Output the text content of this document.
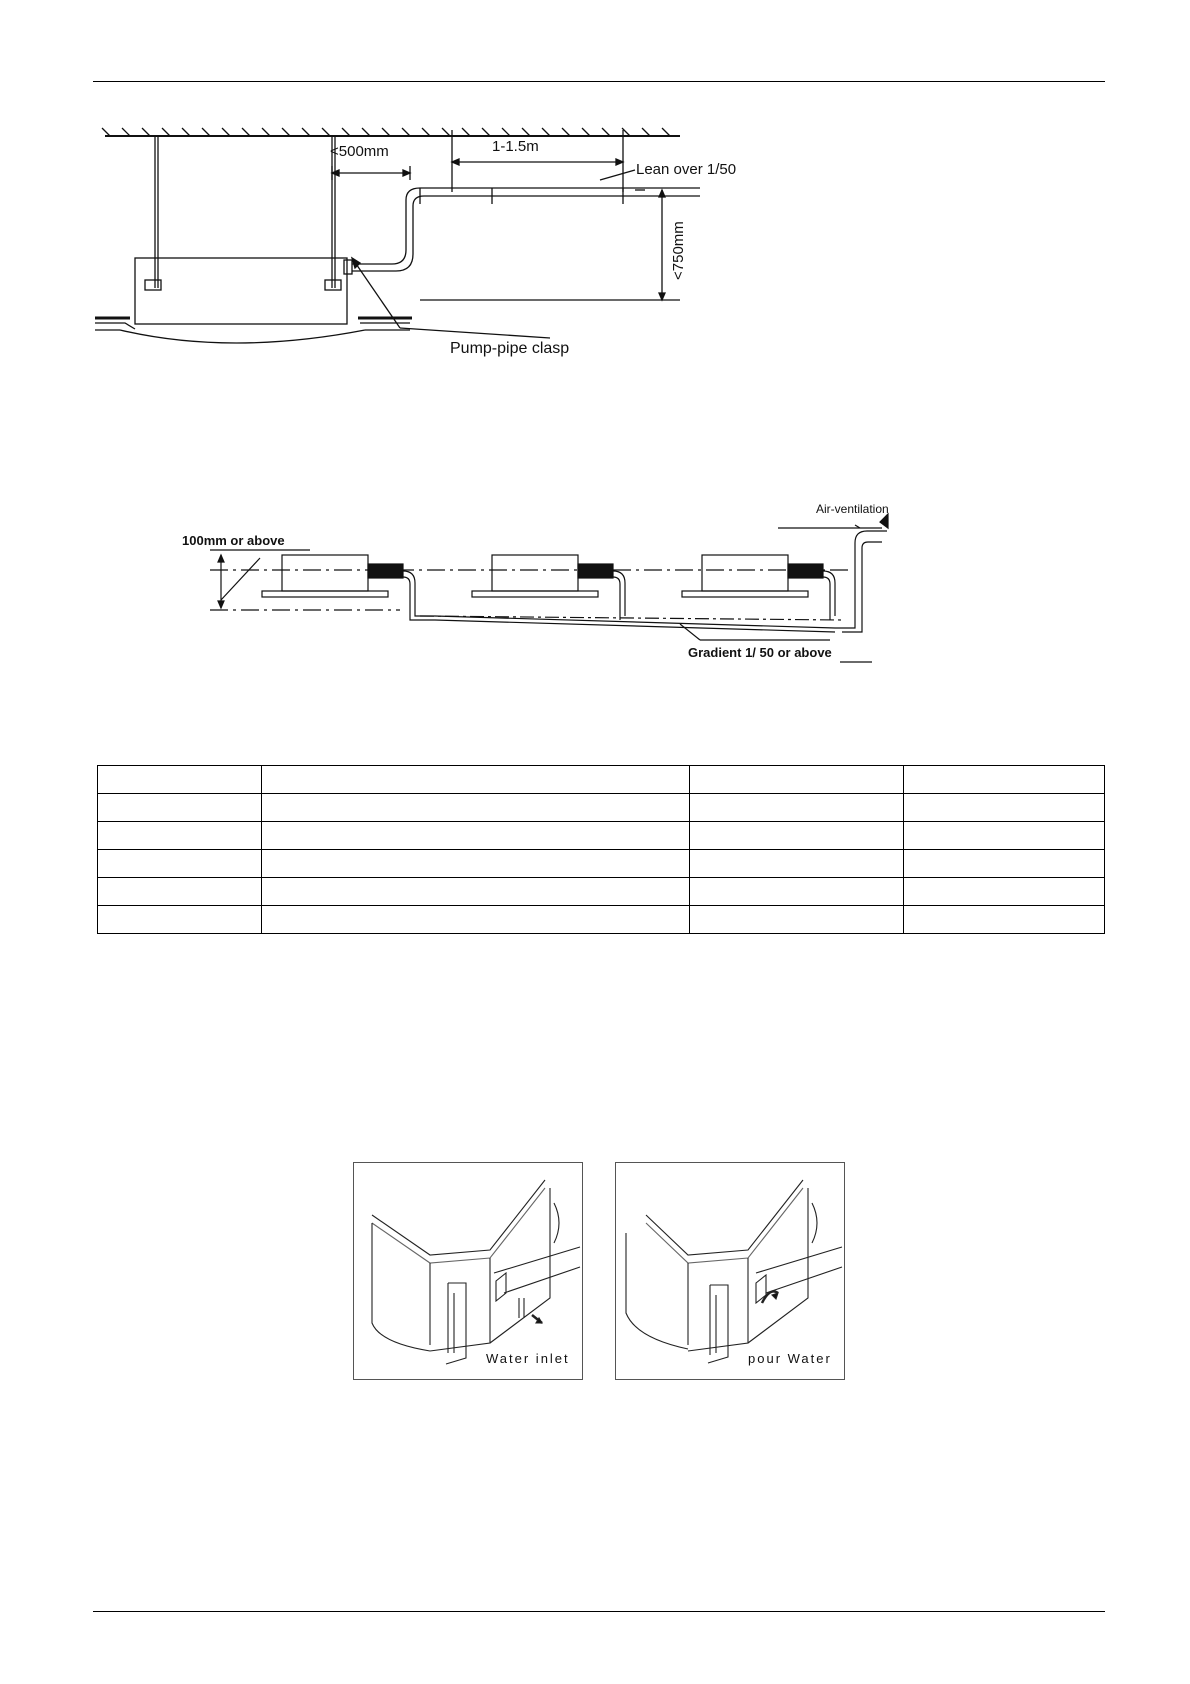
<500mm	1-1.5m
Lean over 1/50
<750mm
Pump-pipe clasp
100mm or above
Air-ventilation
Gradient 1/ 50 or above

Water inlet	pour Water
